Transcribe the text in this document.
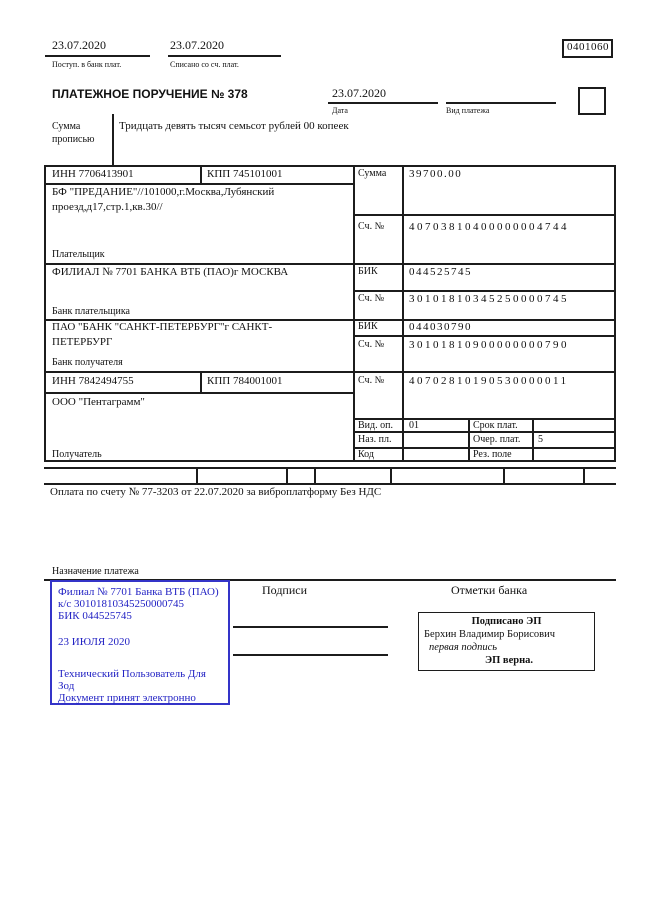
23.07.2020
Поступ. в банк плат.
23.07.2020
Списано со сч. плат.
0401060
ПЛАТЕЖНОЕ ПОРУЧЕНИЕ № 378	23.07.2020
Дата	Вид платежа
Сумма прописью
Тридцать девять тысяч семьсот рублей 00 копеек
ИНН 7706413901	КПП 745101001	Сумма 39700.00
БФ "ПРЕДАНИЕ"//101000,г.Москва,Лубянский
проезд,д17,стр.1,кв.30//
Сч. № 40703810400000004744
Плательщик
ФИЛИАЛ № 7701 БАНКА ВТБ (ПАО)г МОСКВА	БИК	044525745
Сч. № 30101810345250000745
Банк плательщика
ПАО "БАНК "САНКТ-ПЕТЕРБУРГ"г САНКТ-
ПЕТЕРБУРГ
БИК	044030790
Сч. № 30101810900000000790
Банк получателя
ИНН 7842494755	КПП 784001001	Сч. № 40702810190530000011
ООО "Пентаграмм"
Вид. оп. 01	Срок плат.
Наз. пл.	Очер. плат. 5
Код	Рез. поле
Получатель
Оплата по счету № 77-3203 от 22.07.2020 за виброплатформу Без НДС
Назначение платежа
Филиал № 7701 Банка ВТБ (ПАО)
к/с 30101810345250000745
БИК 044525745
23 ИЮЛЯ 2020
Технический Пользователь Для
Зод
Документ принят электронно
Подписи	Отметки банка
Подписано ЭП
Берхин Владимир Борисович
первая подпись
ЭП верна.
